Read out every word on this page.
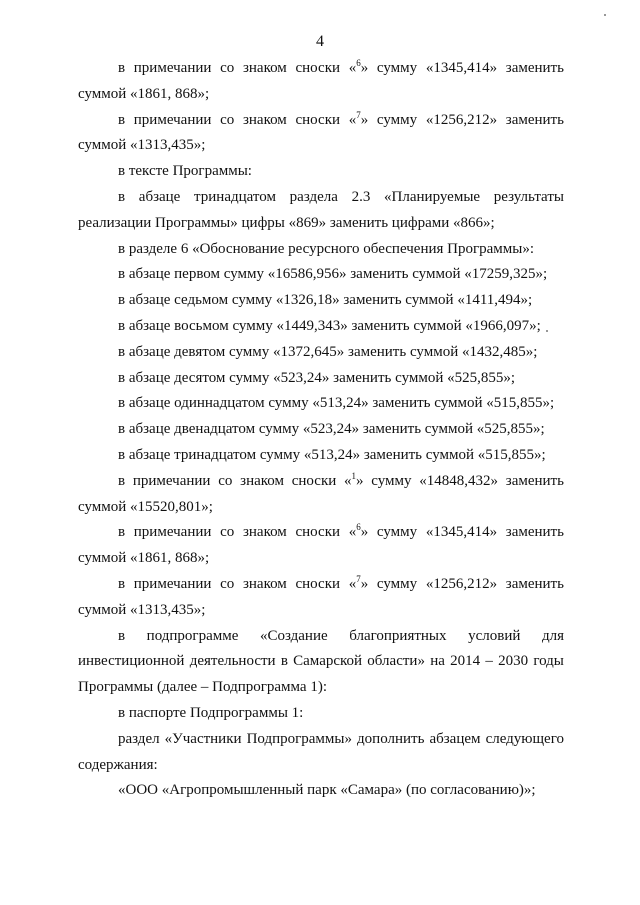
4
в примечании со знаком сноски «$^6$» сумму «1345,414» заменить
суммой «1861, 868»;
в примечании со знаком сноски «$^7$» сумму «1256,212» заменить
суммой «1313,435»;
в тексте Программы:
в абзаце тринадцатом раздела 2.3 «Планируемые результаты
реализации Программы» цифры «869» заменить цифрами «866»;
в разделе 6 «Обоснование ресурсного обеспечения Программы»:
в абзаце первом сумму «16586,956» заменить суммой «17259,325»;
в абзаце седьмом сумму «1326,18» заменить суммой «1411,494»;
в абзаце восьмом сумму «1449,343» заменить суммой «1966,097»;
в абзаце девятом сумму «1372,645» заменить суммой «1432,485»;
в абзаце десятом сумму «523,24» заменить суммой «525,855»;
в абзаце одиннадцатом сумму «513,24» заменить суммой «515,855»;
в абзаце двенадцатом сумму «523,24» заменить суммой «525,855»;
в абзаце тринадцатом сумму «513,24» заменить суммой «515,855»;
в примечании со знаком сноски «$^1$» сумму «14848,432» заменить
суммой «15520,801»;
в примечании со знаком сноски «$^6$» сумму «1345,414» заменить
суммой «1861, 868»;
в примечании со знаком сноски «$^7$» сумму «1256,212» заменить
суммой «1313,435»;
в подпрограмме «Создание благоприятных условий для
инвестиционной деятельности в Самарской области» на 2014 – 2030 годы
Программы (далее – Подпрограмма 1):
в паспорте Подпрограммы 1:
раздел «Участники Подпрограммы» дополнить абзацем следующего
содержания:
«ООО «Агропромышленный парк «Самара» (по согласованию)»;
